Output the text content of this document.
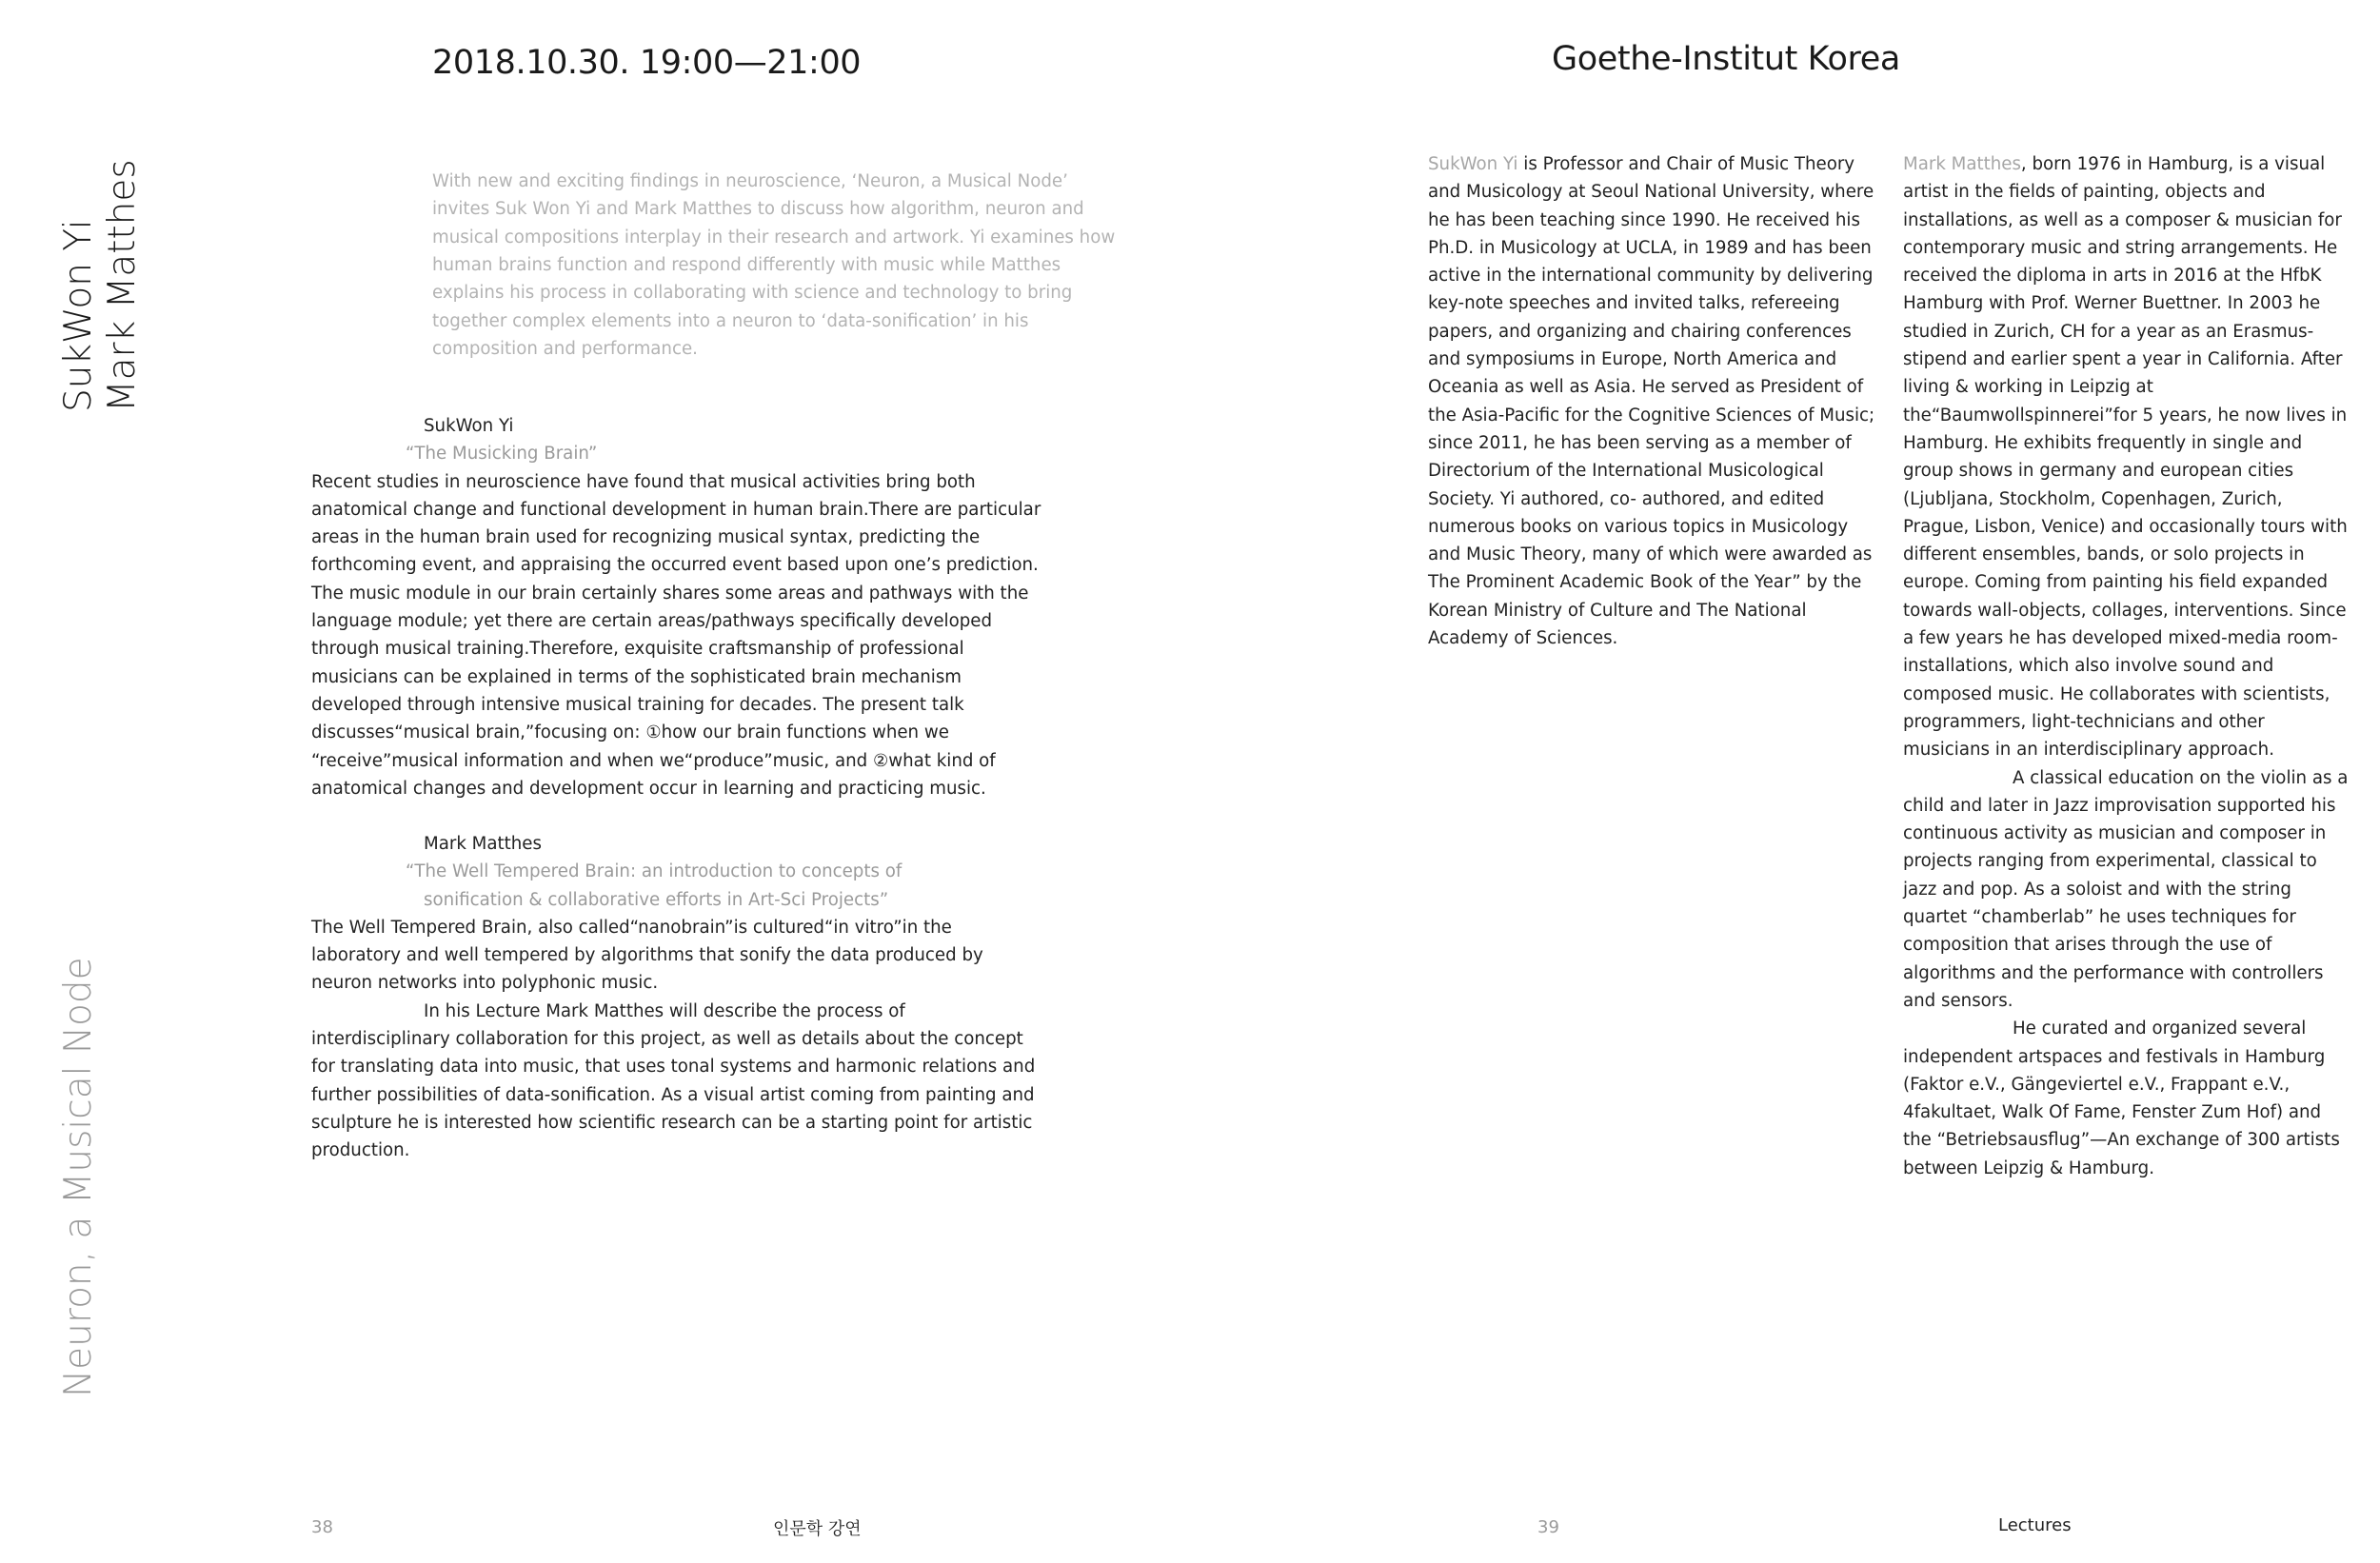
2018.10.30. 19:00—21:00
SukWon Yi Mark Matthes
Neuron, a Musical Node

With new and exciting findings in neuroscience, ‘Neuron, a Musical Node’ invites Suk Won Yi and Mark Matthes to discuss how algorithm, neuron and musical compositions interplay in their research and artwork. Yi examines how human brains function and respond differently with music while Matthes explains his process in collaborating with science and technology to bring together complex elements into a neuron to ‘data-sonification’ in his composition and performance.

SukWon Yi
“The Musicking Brain”

Recent studies in neuroscience have found that musical activities bring both anatomical change and functional development in human brain.There are particular areas in the human brain used for recognizing musical syntax, predicting the forthcoming event, and appraising the occurred event based upon one’s prediction. The music module in our brain certainly shares some areas and pathways with the language module; yet there are certain areas/pathways specifically developed through musical training.Therefore, exquisite craftsmanship of professional musicians can be explained in terms of the sophisticated brain mechanism developed through intensive musical training for decades. The present talk discusses“musical brain,”focusing on: ①how our brain functions when we “receive”musical information and when we“produce”music, and ②what kind of anatomical changes and development occur in learning and practicing music.

Mark Matthes
“The Well Tempered Brain: an introduction to concepts of
sonification & collaborative efforts in Art-Sci Projects”

The Well Tempered Brain, also called“nanobrain”is cultured“in vitro”in the laboratory and well tempered by algorithms that sonify the data produced by neuron networks into polyphonic music.

In his Lecture Mark Matthes will describe the process of interdisciplinary collaboration for this project, as well as details about the concept for translating data into music, that uses tonal systems and harmonic relations and further possibilities of data-sonification. As a visual artist coming from painting and sculpture he is interested how scientific research can be a starting point for artistic production.

38	인문학 강연
Goethe-Institut Korea

SukWon Yi is Professor and Chair of Music Theory and Musicology at Seoul National University, where he has been teaching since 1990. He received his Ph.D. in Musicology at UCLA, in 1989 and has been active in the international community by delivering key-note speeches and invited talks, refereeing papers, and organizing and chairing conferences and symposiums in Europe, North America and Oceania as well as Asia. He served as President of the Asia-Pacific for the Cognitive Sciences of Music; since 2011, he has been serving as a member of Directorium of the International Musicological Society. Yi authored, co- authored, and edited numerous books on various topics in Musicology and Music Theory, many of which were awarded as The Prominent Academic Book of the Year” by the Korean Ministry of Culture and The National Academy of Sciences.

Mark Matthes, born 1976 in Hamburg, is a visual artist in the fields of painting, objects and installations, as well as a composer & musician for contemporary music and string arrangements. He received the diploma in arts in 2016 at the HfbK Hamburg with Prof. Werner Buettner. In 2003 he studied in Zurich, CH for a year as an Erasmus-stipend and earlier spent a year in California. After living & working in Leipzig at the“Baumwollspinnerei”for 5 years, he now lives in Hamburg. He exhibits frequently in single and group shows in germany and european cities (Ljubljana, Stockholm, Copenhagen, Zurich, Prague, Lisbon, Venice) and occasionally tours with different ensembles, bands, or solo projects in europe. Coming from painting his field expanded towards wall-objects, collages, interventions. Since a few years he has developed mixed-media room-installations, which also involve sound and composed music. He collaborates with scientists, programmers, light-technicians and other musicians in an interdisciplinary approach.

A classical education on the violin as a child and later in Jazz improvisation supported his continuous activity as musician and composer in projects ranging from experimental, classical to jazz and pop. As a soloist and with the string quartet “chamberlab” he uses techniques for composition that arises through the use of algorithms and the performance with controllers and sensors.

He curated and organized several independent artspaces and festivals in Hamburg (Faktor e.V., Gängeviertel e.V., Frappant e.V., 4fakultaet, Walk Of Fame, Fenster Zum Hof) and the “Betriebsausflug”—An exchange of 300 artists between Leipzig & Hamburg.

39	Lectures
